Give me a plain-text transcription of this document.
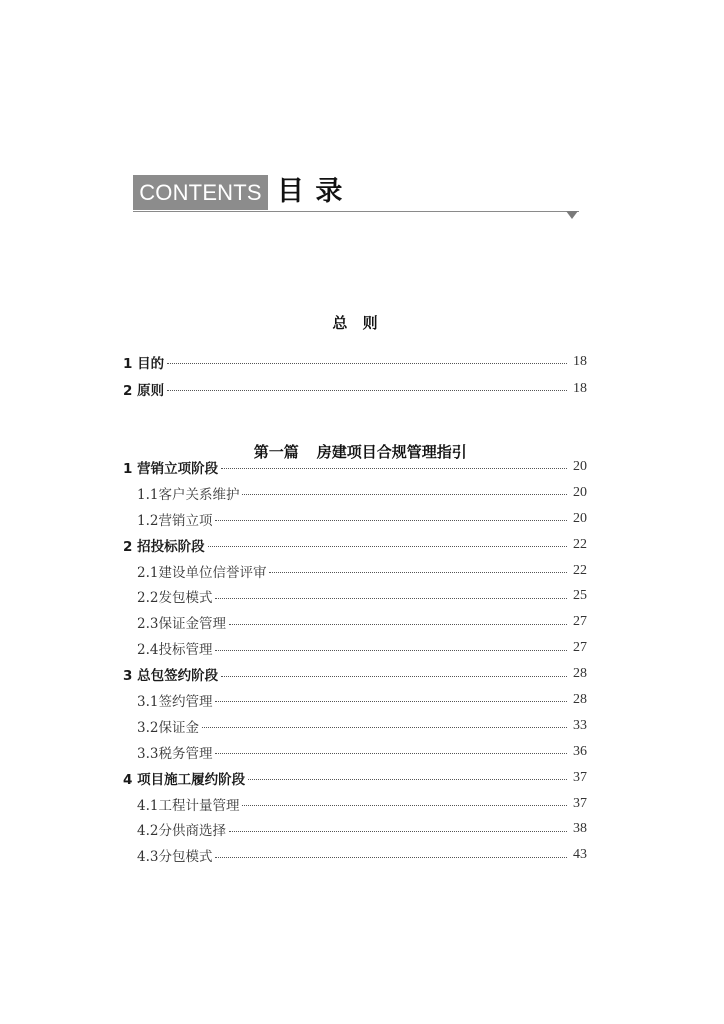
CONTENTS 目 录
总 则
1 目的	18
2 原则	18

第一篇 房建项目合规管理指引

1 营销立项阶段	20
1.1客户关系维护	20
1.2营销立项	20
2 招投标阶段	22
2.1建设单位信誉评审	22
2.2发包模式	25
2.3保证金管理	27
2.4投标管理	27
3 总包签约阶段	28
3.1签约管理	28
3.2保证金	33
3.3税务管理	36
4 项目施工履约阶段	37
4.1工程计量管理	37
4.2分供商选择	38
4.3分包模式	43
